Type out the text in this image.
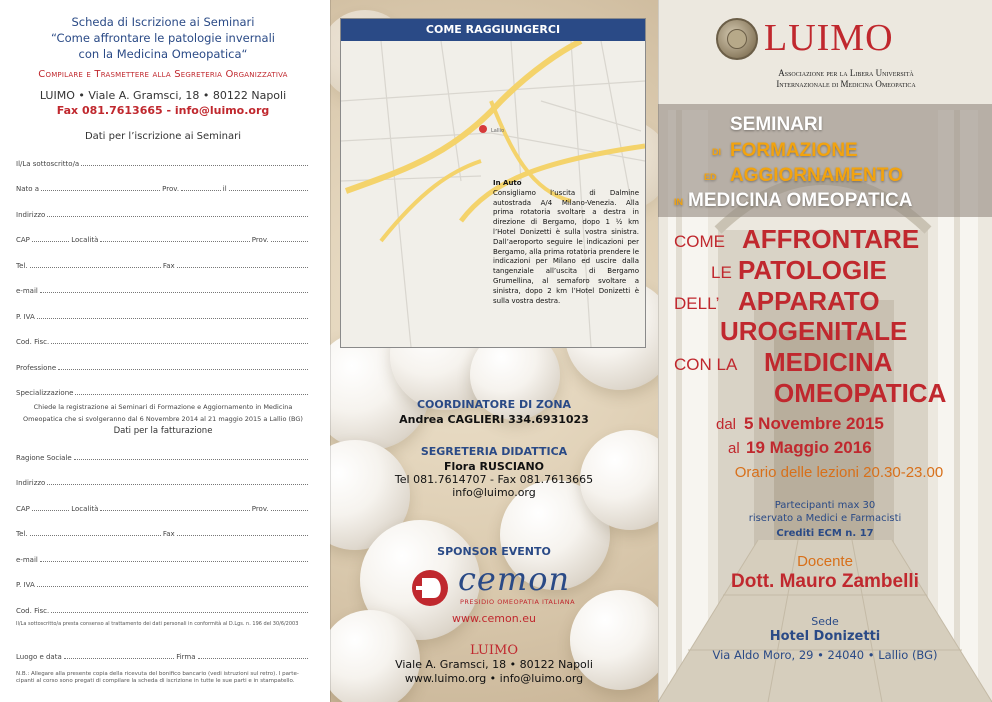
Scheda di Iscrizione ai Seminari
“Come affrontare le patologie invernali
con la Medicina Omeopatica“
Compilare e Trasmettere alla Segreteria Organizzativa
LUIMO • Viale A. Gramsci, 18 • 80122 Napoli
Fax 081.7613665 - info@luimo.org
Dati per l’iscrizione ai Seminari
Il/La sottoscritto/a
Nato a	Prov.	il
Indirizzo
CAP	Località	Prov.
Tel.	Fax
e-mail
P. IVA
Cod. Fisc.
Professione
Specializzazione
Chiede la registrazione ai Seminari di Formazione e Aggiornamento in Medicina
Omeopatica che si svolgeranno dal 6 Novembre 2014 al 21 maggio 2015 a Lallio (BG)
Dati per la fatturazione
Ragione Sociale
Indirizzo
CAP	Località	Prov.
Tel.	Fax
e-mail
P. IVA
Cod. Fisc.
Il/La sottoscritto/a presta consenso al trattamento dei dati personali in conformità al D.Lgs. n. 196 del 30/6/2003
Luogo e data	Firma
N.B.: Allegare alla presente copia della ricevuta del bonifico bancario (vedi istruzioni sul retro). I parte-
cipanti al corso sono pregati di compilare la scheda di iscrizione in tutte le sue parti e in stampatello.
LUIMO
Associazione per la Libera Università
Internazionale di Medicina Omeopatica
SEMINARI
DI FORMAZIONE
ED AGGIORNAMENTO
IN MEDICINA OMEOPATICA
COME AFFRONTARE
LE PATOLOGIE
DELL’ APPARATO
UROGENITALE
CON LA MEDICINA
OMEOPATICA
dal 5 Novembre 2015
al 19 Maggio 2016
Orario delle lezioni 20.30-23.00
Partecipanti max 30
riservato a Medici e Farmacisti
Crediti ECM n. 17
Docente
Dott. Mauro Zambelli
Sede
Hotel Donizetti
Via Aldo Moro, 29 • 24040 • Lallio (BG)
COME RAGGIUNGERCI
Lallio
In Auto
Consigliamo l’uscita di Dalmine autostrada A/4 Milano-Venezia. Alla prima rotatoria svoltare a destra in direzione di Bergamo, dopo 1 ½ km l’Hotel Donizetti è sulla vostra sinistra. Dall’aeroporto seguire le indicazioni per Bergamo, alla prima rotatoria prendere le indicazioni per Milano ed uscire dalla tangenziale all’uscita di Bergamo Grumellina, al semaforo svoltare a sinistra, dopo 2 km l’Hotel Donizetti è sulla vostra destra.
COORDINATORE DI ZONA
Andrea CAGLIERI 334.6931023
SEGRETERIA DIDATTICA
Flora RUSCIANO
Tel 081.7614707 - Fax 081.7613665
info@luimo.org
SPONSOR EVENTO
cemon
PRESIDIO OMEOPATIA ITALIANA
www.cemon.eu
LUIMO
Viale A. Gramsci, 18 • 80122 Napoli
www.luimo.org • info@luimo.org
